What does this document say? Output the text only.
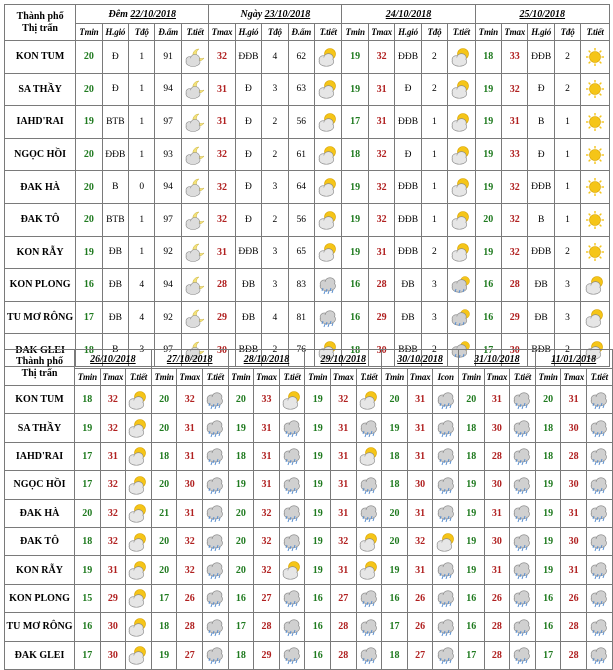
Thành phố
Thị trấn	Đêm 22/10/2018					Ngày 23/10/2018					24/10/2018					25/10/2018				
	Tmin	H.gió	Tđộ	Đ.ẩm	T.tiết	Tmax	H.gió	Tđộ	Đ.ẩm	T.tiết	Tmin	Tmax	H.gió	Tđộ	T.tiết	Tmin	Tmax	H.gió	Tđộ	T.tiết
KON TUM	20	Đ	1	91		32	ĐĐB	4	62		19	32	ĐĐB	2		18	33	ĐĐB	2	

SA THẦY	20	Đ	1	94		31	Đ	3	63		19	31	Đ	2		19	32	Đ	2	

IAHD'RAI	19	BTB	1	97		31	Đ	2	56		17	31	ĐĐB	1		19	31	B	1	

NGỌC HỒI	20	ĐĐB	1	93		32	Đ	2	61		18	32	Đ	1		19	33	Đ	1	

ĐAK HÀ	20	B	0	94		32	Đ	3	64		19	32	ĐĐB	1		19	32	ĐĐB	1	

ĐAK TÔ	20	BTB	1	97		32	Đ	2	56		19	32	ĐĐB	1		20	32	B	1	

KON RẪY	19	ĐB	1	92		31	ĐĐB	3	65		19	31	ĐĐB	2		19	32	ĐĐB	2	

KON PLONG	16	ĐB	4	94		28	ĐB	3	83		16	28	ĐB	3		16	28	ĐB	3	

TU MƠ RÔNG	17	ĐB	4	92		29	ĐB	4	81		16	29	ĐB	3		16	29	ĐB	3	

ĐAK GLEI	18	B	3	97		30	BĐB	2	76		18	30	BĐB	2		17	30	BĐB	2	
Thành phố
Thị trấn	26/10/2018			27/10/2018			28/10/2018			29/10/2018			30/10/2018			31/10/2018			11/01/2018		
	Tmin	Tmax	T.tiết	Tmin	Tmax	T.tiết	Tmin	Tmax	T.tiết	Tmin	Tmax	T.tiết	Tmin	Tmax	Icon	Tmin	Tmax	T.tiết	Tmin	Tmax	T.tiết
KON TUM	18	32		20	32		20	33		19	32		20	31		20	31		20	31	

SA THẦY	19	32		20	31		19	31		19	31		19	31		18	30		18	30	

IAHD'RAI	17	31		18	31		18	31		19	31		18	31		18	28		18	28	

NGỌC HỒI	17	32		20	30		19	31		19	31		18	30		19	30		19	30	

ĐAK HÀ	20	32		21	31		20	32		19	31		20	31		19	31		19	31	

ĐAK TÔ	18	32		20	32		20	32		19	32		20	32		19	30		19	30	

KON RẪY	19	31		20	32		20	32		19	31		19	31		19	31		19	31	

KON PLONG	15	29		17	26		16	27		16	27		16	26		16	26		16	26	

TU MƠ RÔNG	16	30		18	28		17	28		16	28		17	26		16	28		16	28	

ĐAK GLEI	17	30		19	27		18	29		16	28		18	27		17	28		17	28	
